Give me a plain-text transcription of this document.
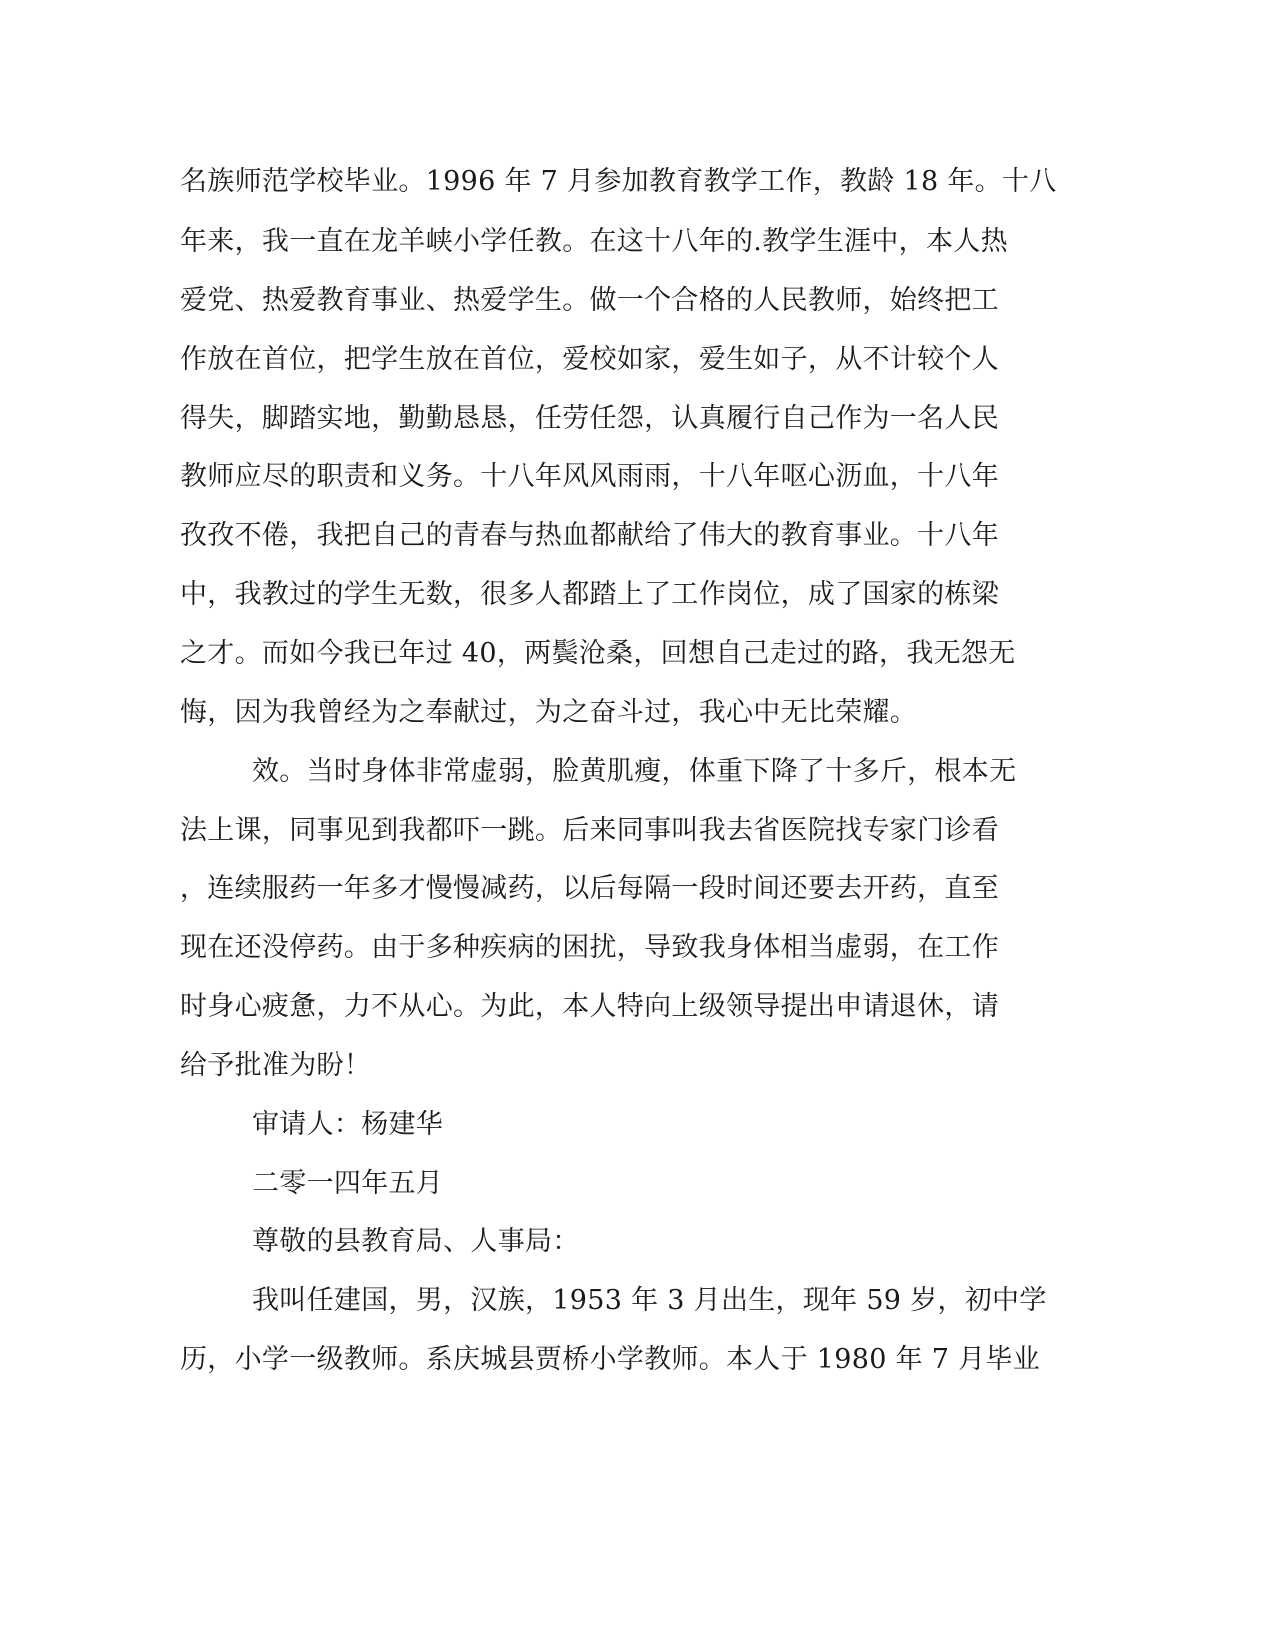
名族师范学校毕业。1996 年 7 月参加教育教学工作，教龄 18 年。十八
年来，我一直在龙羊峡小学任教。在这十八年的.教学生涯中，本人热
爱党、热爱教育事业、热爱学生。做一个合格的人民教师，始终把工
作放在首位，把学生放在首位，爱校如家，爱生如子，从不计较个人
得失，脚踏实地，勤勤恳恳，任劳任怨，认真履行自己作为一名人民
教师应尽的职责和义务。十八年风风雨雨，十八年呕心沥血，十八年
孜孜不倦，我把自己的青春与热血都献给了伟大的教育事业。十八年
中，我教过的学生无数，很多人都踏上了工作岗位，成了国家的栋梁
之才。而如今我已年过 40，两鬓沧桑，回想自己走过的路，我无怨无
悔，因为我曾经为之奉献过，为之奋斗过，我心中无比荣耀。
效。当时身体非常虚弱，脸黄肌瘦，体重下降了十多斤，根本无
法上课，同事见到我都吓一跳。后来同事叫我去省医院找专家门诊看
，连续服药一年多才慢慢减药，以后每隔一段时间还要去开药，直至
现在还没停药。由于多种疾病的困扰，导致我身体相当虚弱，在工作
时身心疲惫，力不从心。为此，本人特向上级领导提出申请退休，请
给予批准为盼！
审请人：杨建华
二零一四年五月
尊敬的县教育局、人事局：
我叫任建国，男，汉族，1953 年 3 月出生，现年 59 岁，初中学
历，小学一级教师。系庆城县贾桥小学教师。本人于 1980 年 7 月毕业
